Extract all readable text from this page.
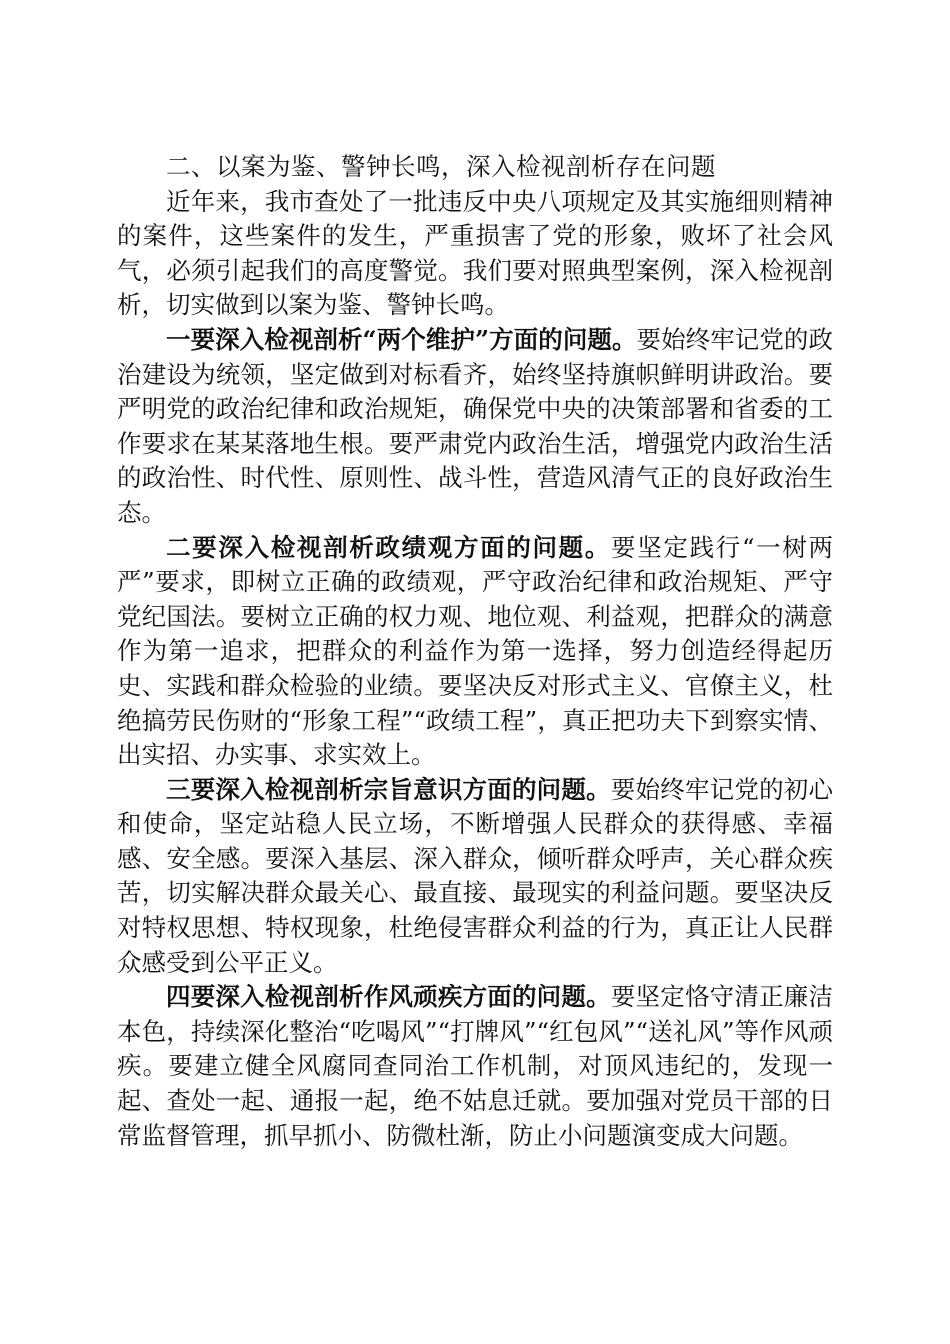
二、以案为鉴、警钟长鸣，深入检视剖析存在问题

近年来，我市查处了一批违反中央八项规定及其实施细则精神的案件，这些案件的发生，严重损害了党的形象，败坏了社会风气，必须引起我们的高度警觉。我们要对照典型案例，深入检视剖析，切实做到以案为鉴、警钟长鸣。

一要深入检视剖析“两个维护”方面的问题。要始终牢记党的政治建设为统领，坚定做到对标看齐，始终坚持旗帜鲜明讲政治。要严明党的政治纪律和政治规矩，确保党中央的决策部署和省委的工作要求在某某落地生根。要严肃党内政治生活，增强党内政治生活的政治性、时代性、原则性、战斗性，营造风清气正的良好政治生态。

二要深入检视剖析政绩观方面的问题。要坚定践行“一树两严”要求，即树立正确的政绩观，严守政治纪律和政治规矩、严守党纪国法。要树立正确的权力观、地位观、利益观，把群众的满意作为第一追求，把群众的利益作为第一选择，努力创造经得起历史、实践和群众检验的业绩。要坚决反对形式主义、官僚主义，杜绝搞劳民伤财的“形象工程”“政绩工程”，真正把功夫下到察实情、出实招、办实事、求实效上。

三要深入检视剖析宗旨意识方面的问题。要始终牢记党的初心和使命，坚定站稳人民立场，不断增强人民群众的获得感、幸福感、安全感。要深入基层、深入群众，倾听群众呼声，关心群众疾苦，切实解决群众最关心、最直接、最现实的利益问题。要坚决反对特权思想、特权现象，杜绝侵害群众利益的行为，真正让人民群众感受到公平正义。

四要深入检视剖析作风顽疾方面的问题。要坚定恪守清正廉洁本色，持续深化整治“吃喝风”“打牌风”“红包风”“送礼风”等作风顽疾。要建立健全风腐同查同治工作机制，对顶风违纪的，发现一起、查处一起、通报一起，绝不姑息迁就。要加强对党员干部的日常监督管理，抓早抓小、防微杜渐，防止小问题演变成大问题。
